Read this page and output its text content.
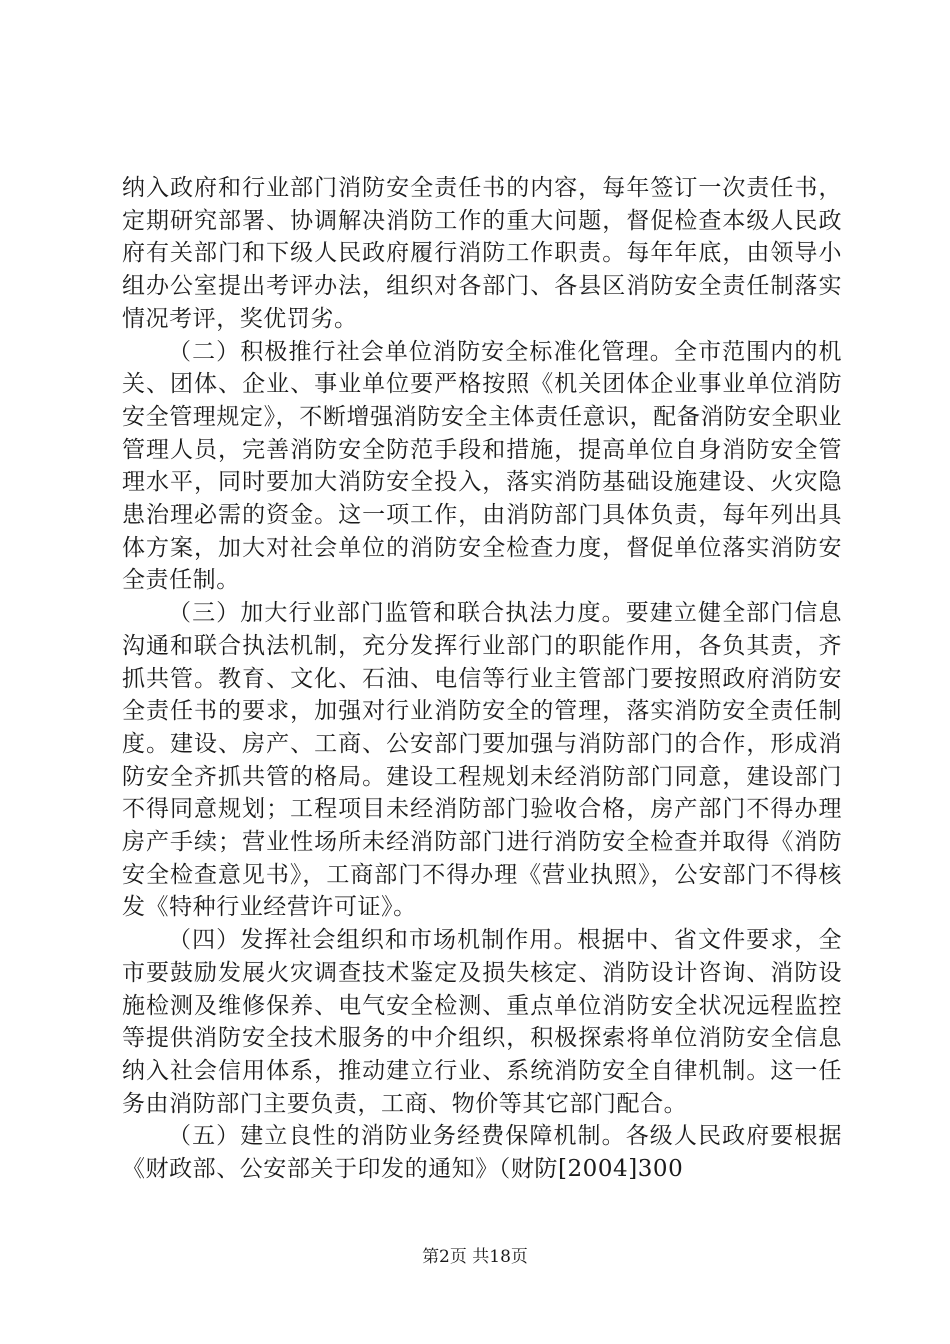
纳入政府和行业部门消防安全责任书的内容，每年签订一次责任书，定期研究部署、协调解决消防工作的重大问题，督促检查本级人民政府有关部门和下级人民政府履行消防工作职责。每年年底，由领导小组办公室提出考评办法，组织对各部门、各县区消防安全责任制落实情况考评，奖优罚劣。

（二）积极推行社会单位消防安全标准化管理。全市范围内的机关、团体、企业、事业单位要严格按照《机关团体企业事业单位消防安全管理规定》，不断增强消防安全主体责任意识，配备消防安全职业管理人员，完善消防安全防范手段和措施，提高单位自身消防安全管理水平，同时要加大消防安全投入，落实消防基础设施建设、火灾隐患治理必需的资金。这一项工作，由消防部门具体负责，每年列出具体方案，加大对社会单位的消防安全检查力度，督促单位落实消防安全责任制。

（三）加大行业部门监管和联合执法力度。要建立健全部门信息沟通和联合执法机制，充分发挥行业部门的职能作用，各负其责，齐抓共管。教育、文化、石油、电信等行业主管部门要按照政府消防安全责任书的要求，加强对行业消防安全的管理，落实消防安全责任制度。建设、房产、工商、公安部门要加强与消防部门的合作，形成消防安全齐抓共管的格局。建设工程规划未经消防部门同意，建设部门不得同意规划；工程项目未经消防部门验收合格，房产部门不得办理房产手续；营业性场所未经消防部门进行消防安全检查并取得《消防安全检查意见书》，工商部门不得办理《营业执照》，公安部门不得核发《特种行业经营许可证》。

（四）发挥社会组织和市场机制作用。根据中、省文件要求，全市要鼓励发展火灾调查技术鉴定及损失核定、消防设计咨询、消防设施检测及维修保养、电气安全检测、重点单位消防安全状况远程监控等提供消防安全技术服务的中介组织，积极探索将单位消防安全信息纳入社会信用体系，推动建立行业、系统消防安全自律机制。这一任务由消防部门主要负责，工商、物价等其它部门配合。

（五）建立良性的消防业务经费保障机制。各级人民政府要根据《财政部、公安部关于印发的通知》（财防[2004]300

第2页 共18页
